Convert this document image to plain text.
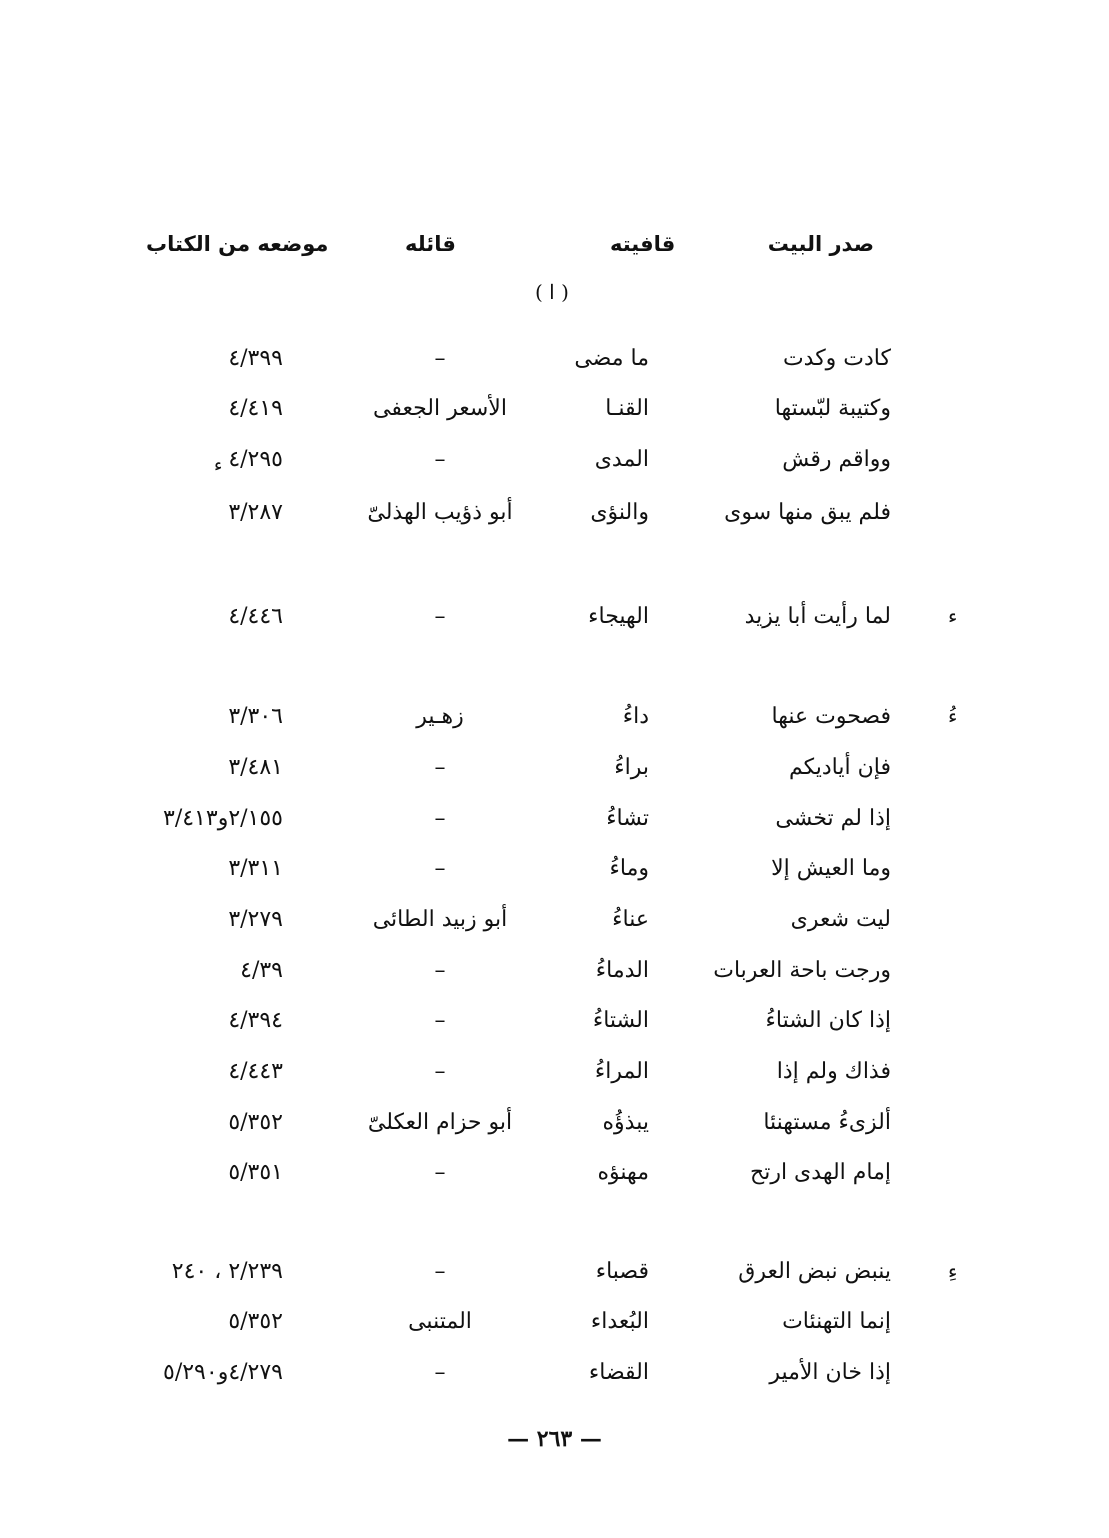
صدر البيت
قافيته
قائله
موضعه من الكتاب
( ا )
كادت وكدت
ما مضى
–
٤/٣٩٩
وكتيبة لبّستها
القنـا
الأسعر الجعفى
٤/٤١٩
وواقم رقش
المدى
–
٤/٢٩٥
فلم يبق منها سوى
والنؤى
أبو ذؤيب الهذلىّ
٣/٢٨٧
ء
لما رأيت أبا يزيد
الهيجاء
–
٤/٤٤٦
ءُ
فصحوت عنها
داءُ
زهـير
٣/٣٠٦
فإن أياديكم
براءُ
–
٣/٤٨١
إذا لم تخشى
تشاءُ
–
٢/١٥٥و٣/٤١٣
وما العيش إلا
وماءُ
–
٣/٣١١
ليت شعرى
عناءُ
أبو زبيد الطائى
٣/٢٧٩
ورجت باحة العربات
الدماءُ
–
٤/٣٩
إذا كان الشتاءُ
الشتاءُ
–
٤/٣٩٤
فذاك ولم إذا
المراءُ
–
٤/٤٤٣
ألزىءُ مستهنئا
يبذؤُه
أبو حزام العكلىّ
٥/٣٥٢
إمام الهدى ارتح
مهنؤه
–
٥/٣٥١
ءِ
ينبض نبض العرق
قصباء
–
٢/٢٣٩ ، ٢٤٠
إنما التهنئات
البُعداء
المتنبى
٥/٣٥٢
إذا خان الأمير
القضاء
–
٤/٢٧٩و٥/٢٩٠
ء
— ٢٦٣ —
